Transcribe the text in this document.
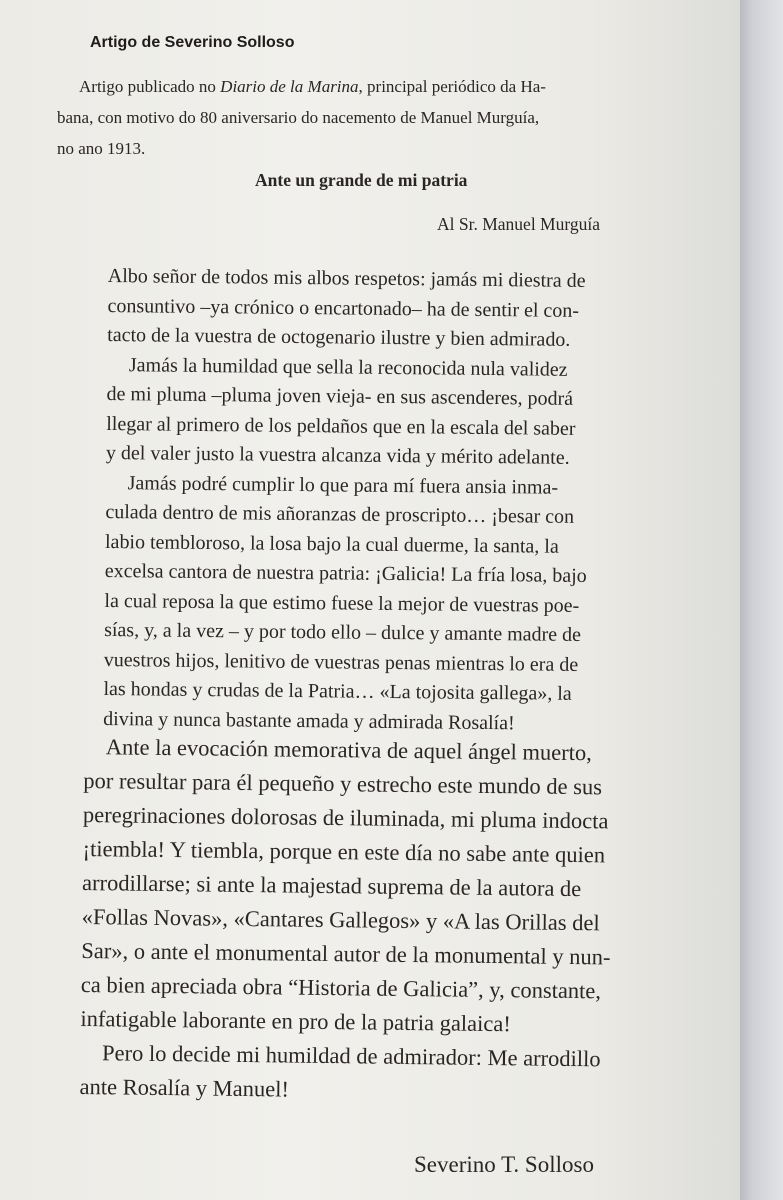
Artigo de Severino Solloso
Artigo publicado no Diario de la Marina, principal periódico da Ha-
bana, con motivo do 80 aniversario do nacemento de Manuel Murguía,
no ano 1913.
Ante un grande de mi patria
Al Sr. Manuel Murguía
Albo señor de todos mis albos respetos: jamás mi diestra de
consuntivo –ya crónico o encartonado– ha de sentir el con-
tacto de la vuestra de octogenario ilustre y bien admirado.
Jamás la humildad que sella la reconocida nula validez
de mi pluma –pluma joven vieja- en sus ascenderes, podrá
llegar al primero de los peldaños que en la escala del saber
y del valer justo la vuestra alcanza vida y mérito adelante.
Jamás podré cumplir lo que para mí fuera ansia inma-
culada dentro de mis añoranzas de proscripto… ¡besar con
labio tembloroso, la losa bajo la cual duerme, la santa, la
excelsa cantora de nuestra patria: ¡Galicia! La fría losa, bajo
la cual reposa la que estimo fuese la mejor de vuestras poe-
sías, y, a la vez – y por todo ello – dulce y amante madre de
vuestros hijos, lenitivo de vuestras penas mientras lo era de
las hondas y crudas de la Patria… «La tojosita gallega», la
divina y nunca bastante amada y admirada Rosalía!
Ante la evocación memorativa de aquel ángel muerto,
por resultar para él pequeño y estrecho este mundo de sus
peregrinaciones dolorosas de iluminada, mi pluma indocta
¡tiembla! Y tiembla, porque en este día no sabe ante quien
arrodillarse; si ante la majestad suprema de la autora de
«Follas Novas», «Cantares Gallegos» y «A las Orillas del
Sar», o ante el monumental autor de la monumental y nun-
ca bien apreciada obra “Historia de Galicia”, y, constante,
infatigable laborante en pro de la patria galaica!
Pero lo decide mi humildad de admirador: Me arrodillo
ante Rosalía y Manuel!
Severino T. Solloso
